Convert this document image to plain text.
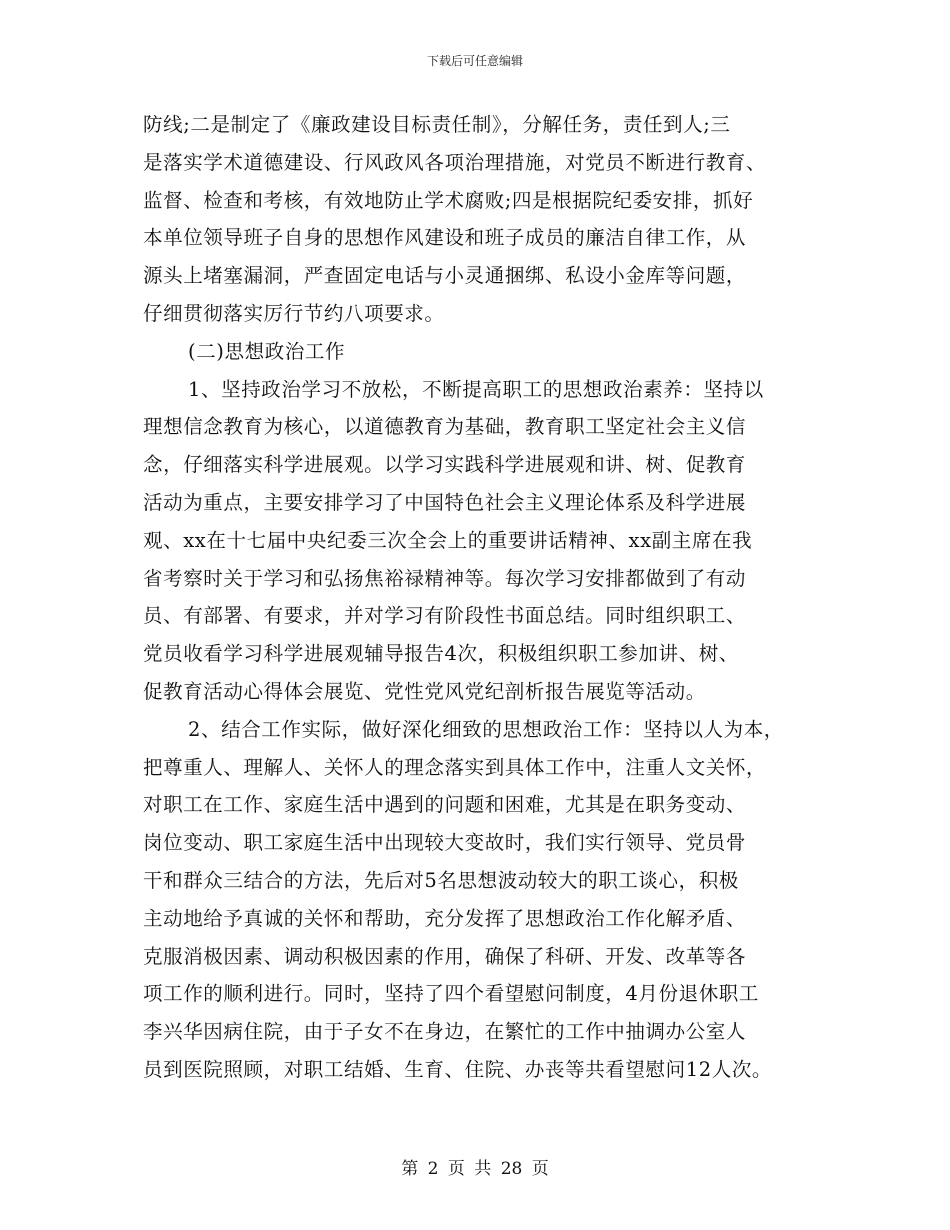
下载后可任意编辑
防线;二是制定了《廉政建设目标责任制》，分解任务，责任到人;三
是落实学术道德建设、行风政风各项治理措施，对党员不断进行教育、
监督、检查和考核，有效地防止学术腐败;四是根据院纪委安排，抓好
本单位领导班子自身的思想作风建设和班子成员的廉洁自律工作，从
源头上堵塞漏洞，严查固定电话与小灵通捆绑、私设小金库等问题，
仔细贯彻落实厉行节约八项要求。
(二)思想政治工作
1、坚持政治学习不放松，不断提高职工的思想政治素养：坚持以
理想信念教育为核心，以道德教育为基础，教育职工坚定社会主义信
念，仔细落实科学进展观。以学习实践科学进展观和讲、树、促教育
活动为重点，主要安排学习了中国特色社会主义理论体系及科学进展
观、xx在十七届中央纪委三次全会上的重要讲话精神、xx副主席在我
省考察时关于学习和弘扬焦裕禄精神等。每次学习安排都做到了有动
员、有部署、有要求，并对学习有阶段性书面总结。同时组织职工、
党员收看学习科学进展观辅导报告4次，积极组织职工参加讲、树、
促教育活动心得体会展览、党性党风党纪剖析报告展览等活动。
2、结合工作实际，做好深化细致的思想政治工作：坚持以人为本，
把尊重人、理解人、关怀人的理念落实到具体工作中，注重人文关怀，
对职工在工作、家庭生活中遇到的问题和困难，尤其是在职务变动、
岗位变动、职工家庭生活中出现较大变故时，我们实行领导、党员骨
干和群众三结合的方法，先后对5名思想波动较大的职工谈心，积极
主动地给予真诚的关怀和帮助，充分发挥了思想政治工作化解矛盾、
克服消极因素、调动积极因素的作用，确保了科研、开发、改革等各
项工作的顺利进行。同时，坚持了四个看望慰问制度，4月份退休职工
李兴华因病住院，由于子女不在身边，在繁忙的工作中抽调办公室人
员到医院照顾，对职工结婚、生育、住院、办丧等共看望慰问12人次。
第 2 页 共 28 页
